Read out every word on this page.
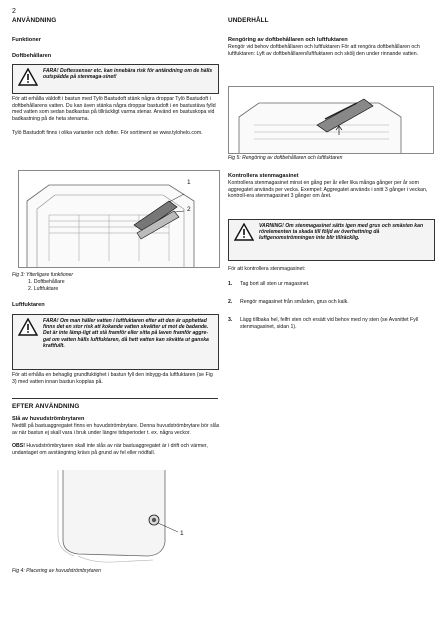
2
ANVÄNDNING
Funktioner
Doftbehållaren
FARA! Doftessenser etc. kan innebära risk för antändning om de hälls outspädda på stenmaga-sinet!
För att erhålla väldoft i bastun med Tylö Bastudoft stänk några droppar Tylö Bastudoft i doftbehållarens vatten. Du kan även stänka några droppar bastudoft i en bastustäva fylld med vatten som sedan badkastas på tillräckligt varma stenar. Använd en bastuskopa vid badkastning på de heta stenarna.
Tylö Bastudoft finns i olika varianter och dofter. För sortiment se www.tylohelo.com.
1
2
Fig 3: Ytterligare funktioner
1. Doftbehållare
2. Luftfuktare
Luftfuktaren
FARA! Om man häller vatten i luftfuktaren efter att den är upphettad finns det en stor risk att kokande vatten skvätter ut mot de badande. Det är inte lämp-ligt att stå framför eller sitta på laven framför aggre-gat om vatten hälls luftfuktaren, då hett vatten kan skvätta ut ganska kraftfullt.
För att erhålla en behaglig grundfuktighet i bastun fyll den inbygg-da luftfuktaren (se Fig 3) med vatten innan bastun kopplas på.
EFTER ANVÄNDNING
Slå av huvudströmbrytaren
Nedtill på bastuaggregatet finns en huvudströmbrytare. Denna huvudströmbrytare bör slås av när bastun ej skall vara i bruk under längre tidsperioder t. ex. några veckor.
OBS! Huvudströmbrytaren skall inte slås av när bastuaggregatet är i drift och värmer, undantaget om avstängning krävs på grund av fel eller nödfall.
1
Fig 4: Placering av huvudströmbrytaren
UNDERHÅLL
Rengöring av doftbehållaren och luftfuktaren
Rengör vid behov doftbehållaren och luftfuktaren För att rengöra doftbehållaren och luftfuktaren: Lyft av doftbehållaren/luftfuktaren och skölj den under rinnande vatten.
Fig 5: Rengöring av doftbehållaren och luftfuktaren
Kontrollera stenmagasinet
Kontrollera stenmagasinet minst en gång per år eller lika många gånger per år som aggregatet används per vecka. Exempel: Aggregatet används i snitt 3 gånger i veckan, kontroll-era stenmagasinet 3 gånger om året.
VARNING! Om stenmagasinet sätts igen med grus och smästen kan rörelementen ta skada till följd av överhettning då luftgenomströmningen inte blir tillräcklig.
För att kontrollera stenmagasinet:
1. Tag bort all sten ur magasinet.
2. Rengör magasinet från småsten, grus och kalk.
3. Lägg tillbaka hel, felfri sten och ersätt vid behov med ny sten (se Avsnittet Fyll stenmagasinet, sidan 1).
